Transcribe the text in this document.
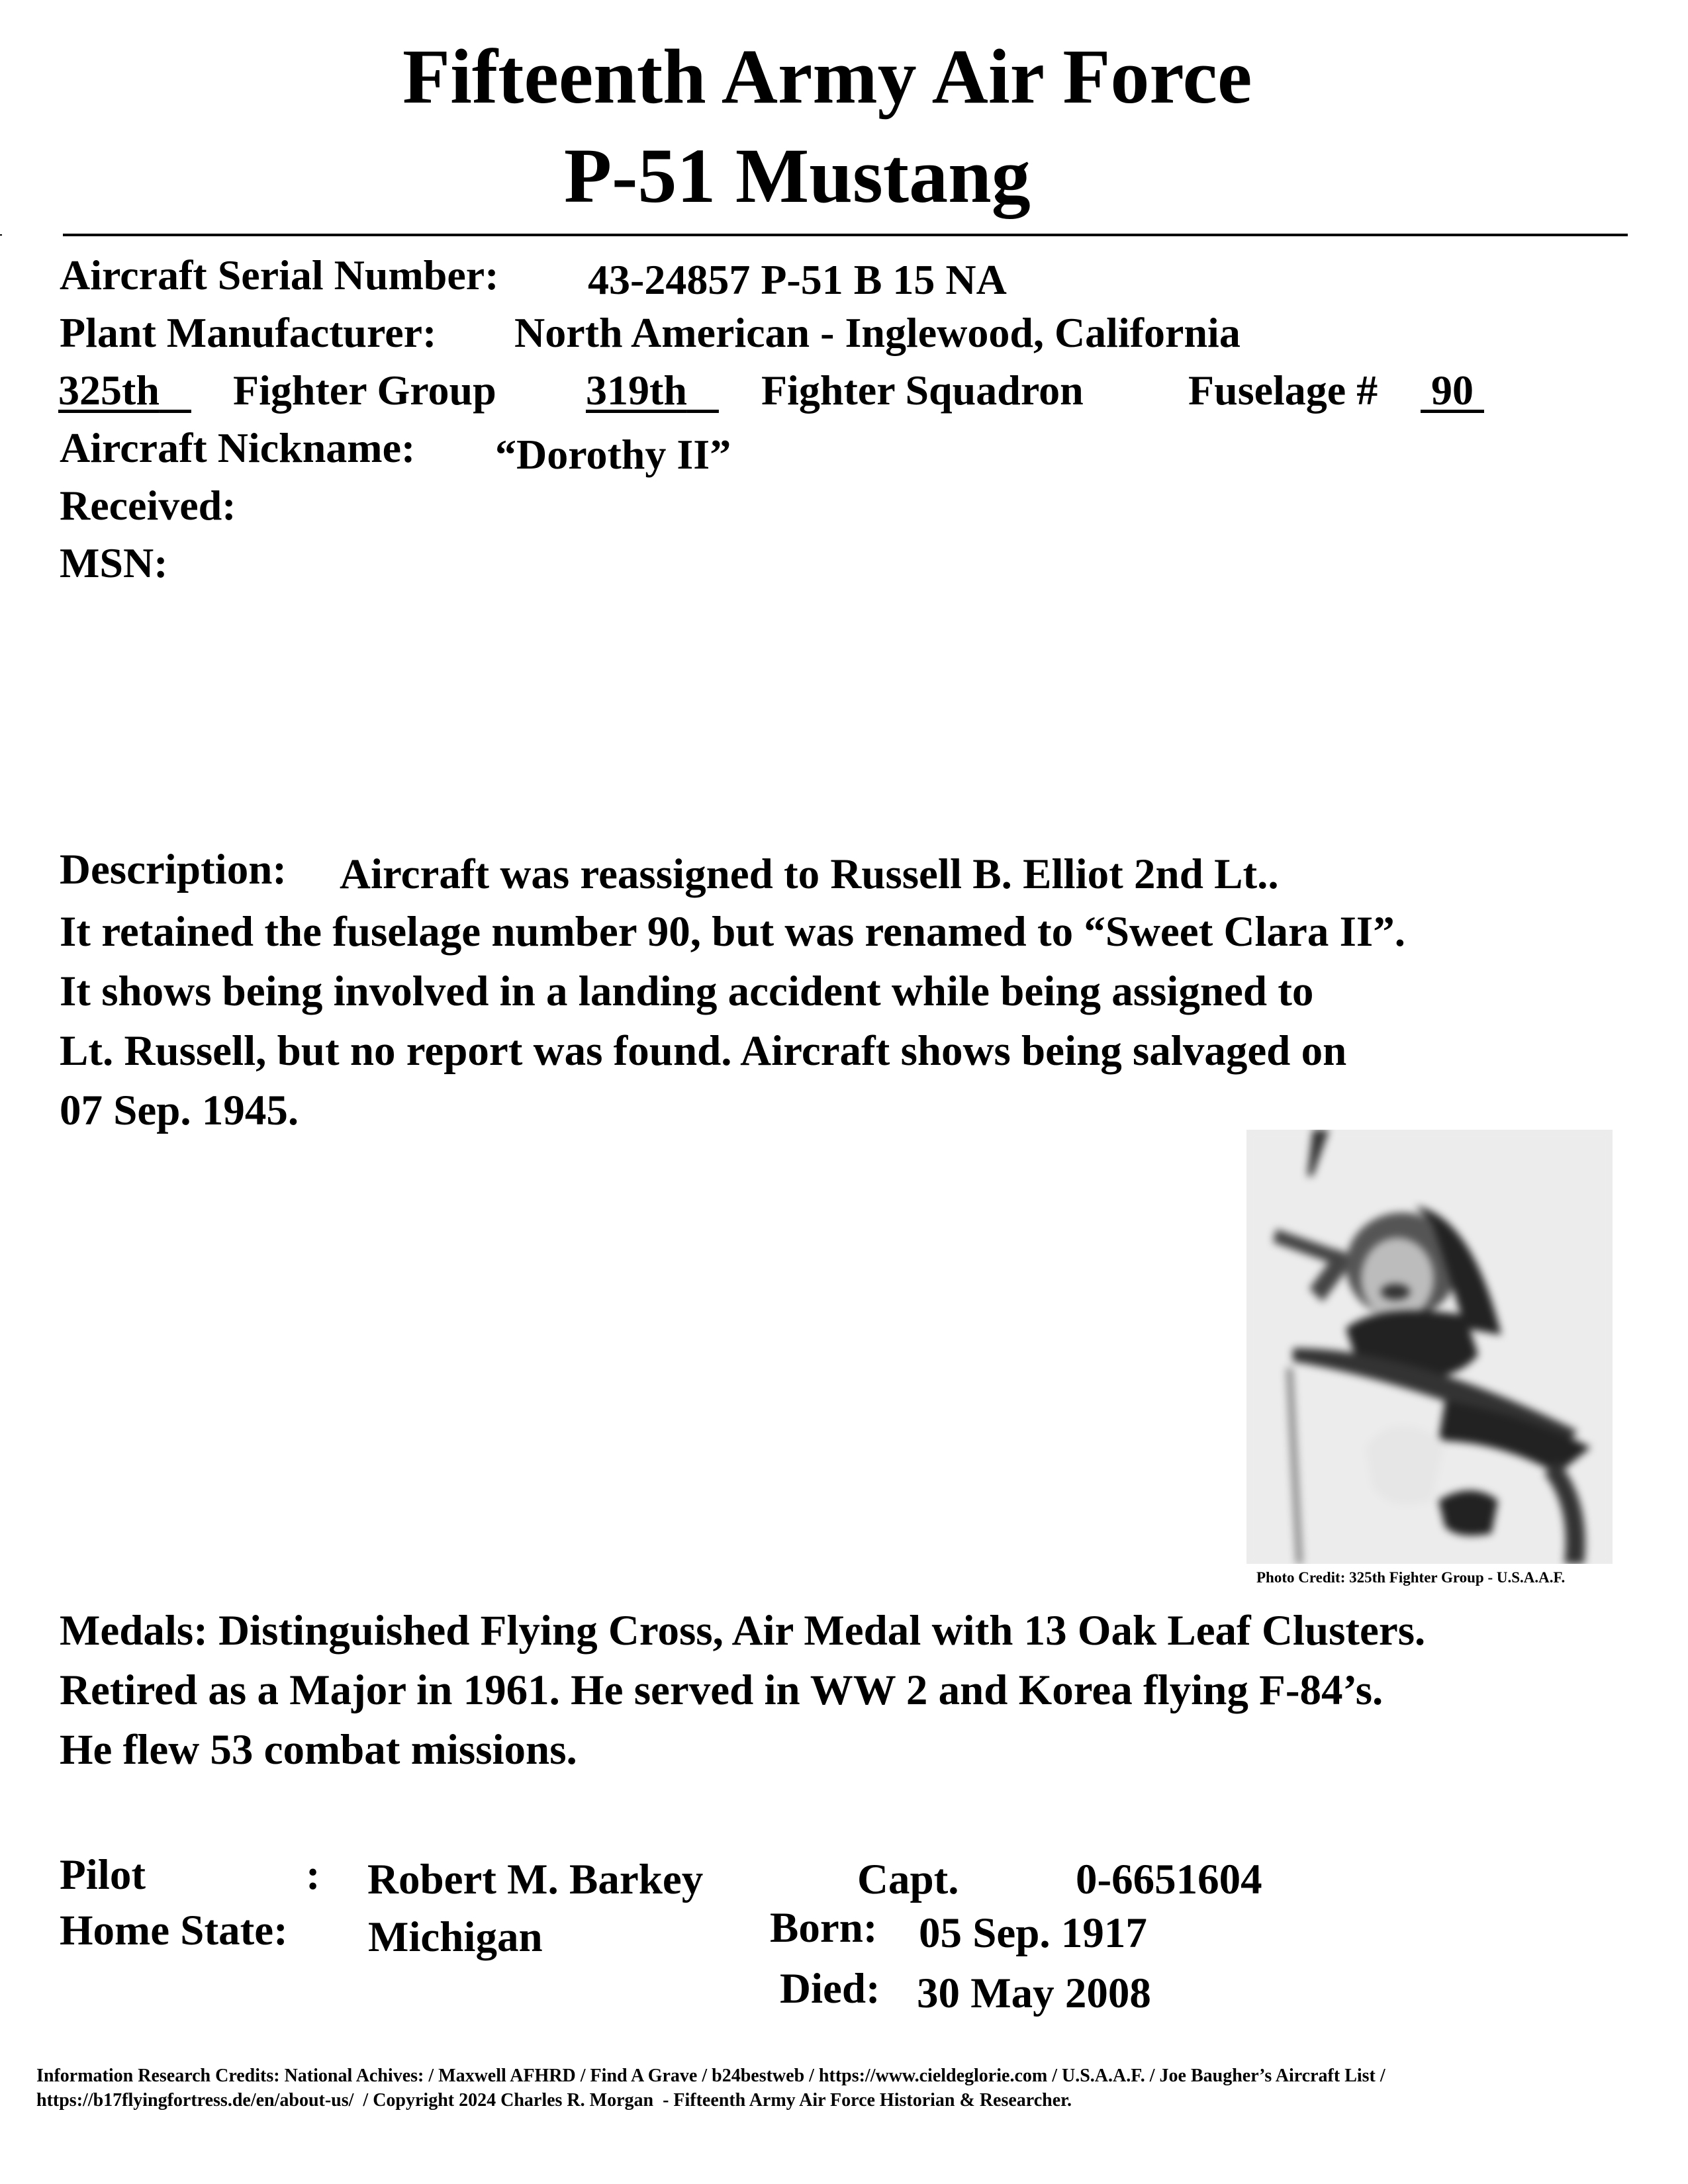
Fifteenth Army Air Force
P-51 Mustang
Aircraft Serial Number: 43-24857 P-51 B 15 NA
Plant Manufacturer: North American - Inglewood, California
325th	Fighter Group 319th	Fighter Squadron Fuselage # 90
Aircraft Nickname: “Dorothy II”
Received:
MSN:
Description: Aircraft was reassigned to Russell B. Elliot 2nd Lt..
It retained the fuselage number 90, but was renamed to “Sweet Clara II”.
It shows being involved in a landing accident while being assigned to
Lt. Russell, but no report was found. Aircraft shows being salvaged on
07 Sep. 1945.
Photo Credit: 325th Fighter Group - U.S.A.A.F.
Medals: Distinguished Flying Cross, Air Medal with 13 Oak Leaf Clusters.
Retired as a Major in 1961. He served in WW 2 and Korea flying F-84’s.
He flew 53 combat missions.
Pilot	: Robert M. Barkey	Capt.	0-6651604
Home State: Michigan	Born: 05 Sep. 1917
Died: 30 May 2008
Information Research Credits: National Achives: / Maxwell AFHRD / Find A Grave / b24bestweb / https://www.cieldeglorie.com / U.S.A.A.F. / Joe Baugher’s Aircraft List /
https://b17flyingfortress.de/en/about-us/  / Copyright 2024 Charles R. Morgan  - Fifteenth Army Air Force Historian & Researcher.
